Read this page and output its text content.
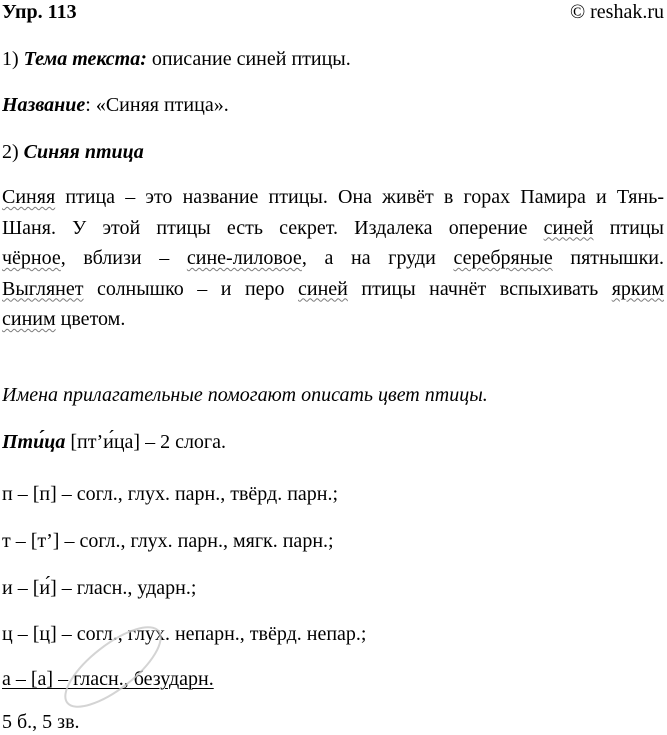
Упр. 113	© reshak.ru
1) Тема текста: описание синей птицы.
Название: «Синяя птица».
2) Синяя птица
Синяя птица – это название птицы. Она живёт в горах Памира и Тянь-
Шаня. У этой птицы есть секрет. Издалека оперение синей птицы
чёрное, вблизи – сине-лиловое, а на груди серебряные пятнышки.
Выглянет солнышко – и перо синей птицы начнёт вспыхивать ярким
синим цветом.
Имена прилагательные помогают описать цвет птицы.
Пти́ца [пт’и́ца] – 2 слога.
п – [п] – согл., глух. парн., твёрд. парн.;
т – [т’] – согл., глух. парн., мягк. парн.;
и – [и́] – гласн., ударн.;
ц – [ц] – согл., глух. непарн., твёрд. непар.;
а – [а] – гласн., безударн.
5 б., 5 зв.
